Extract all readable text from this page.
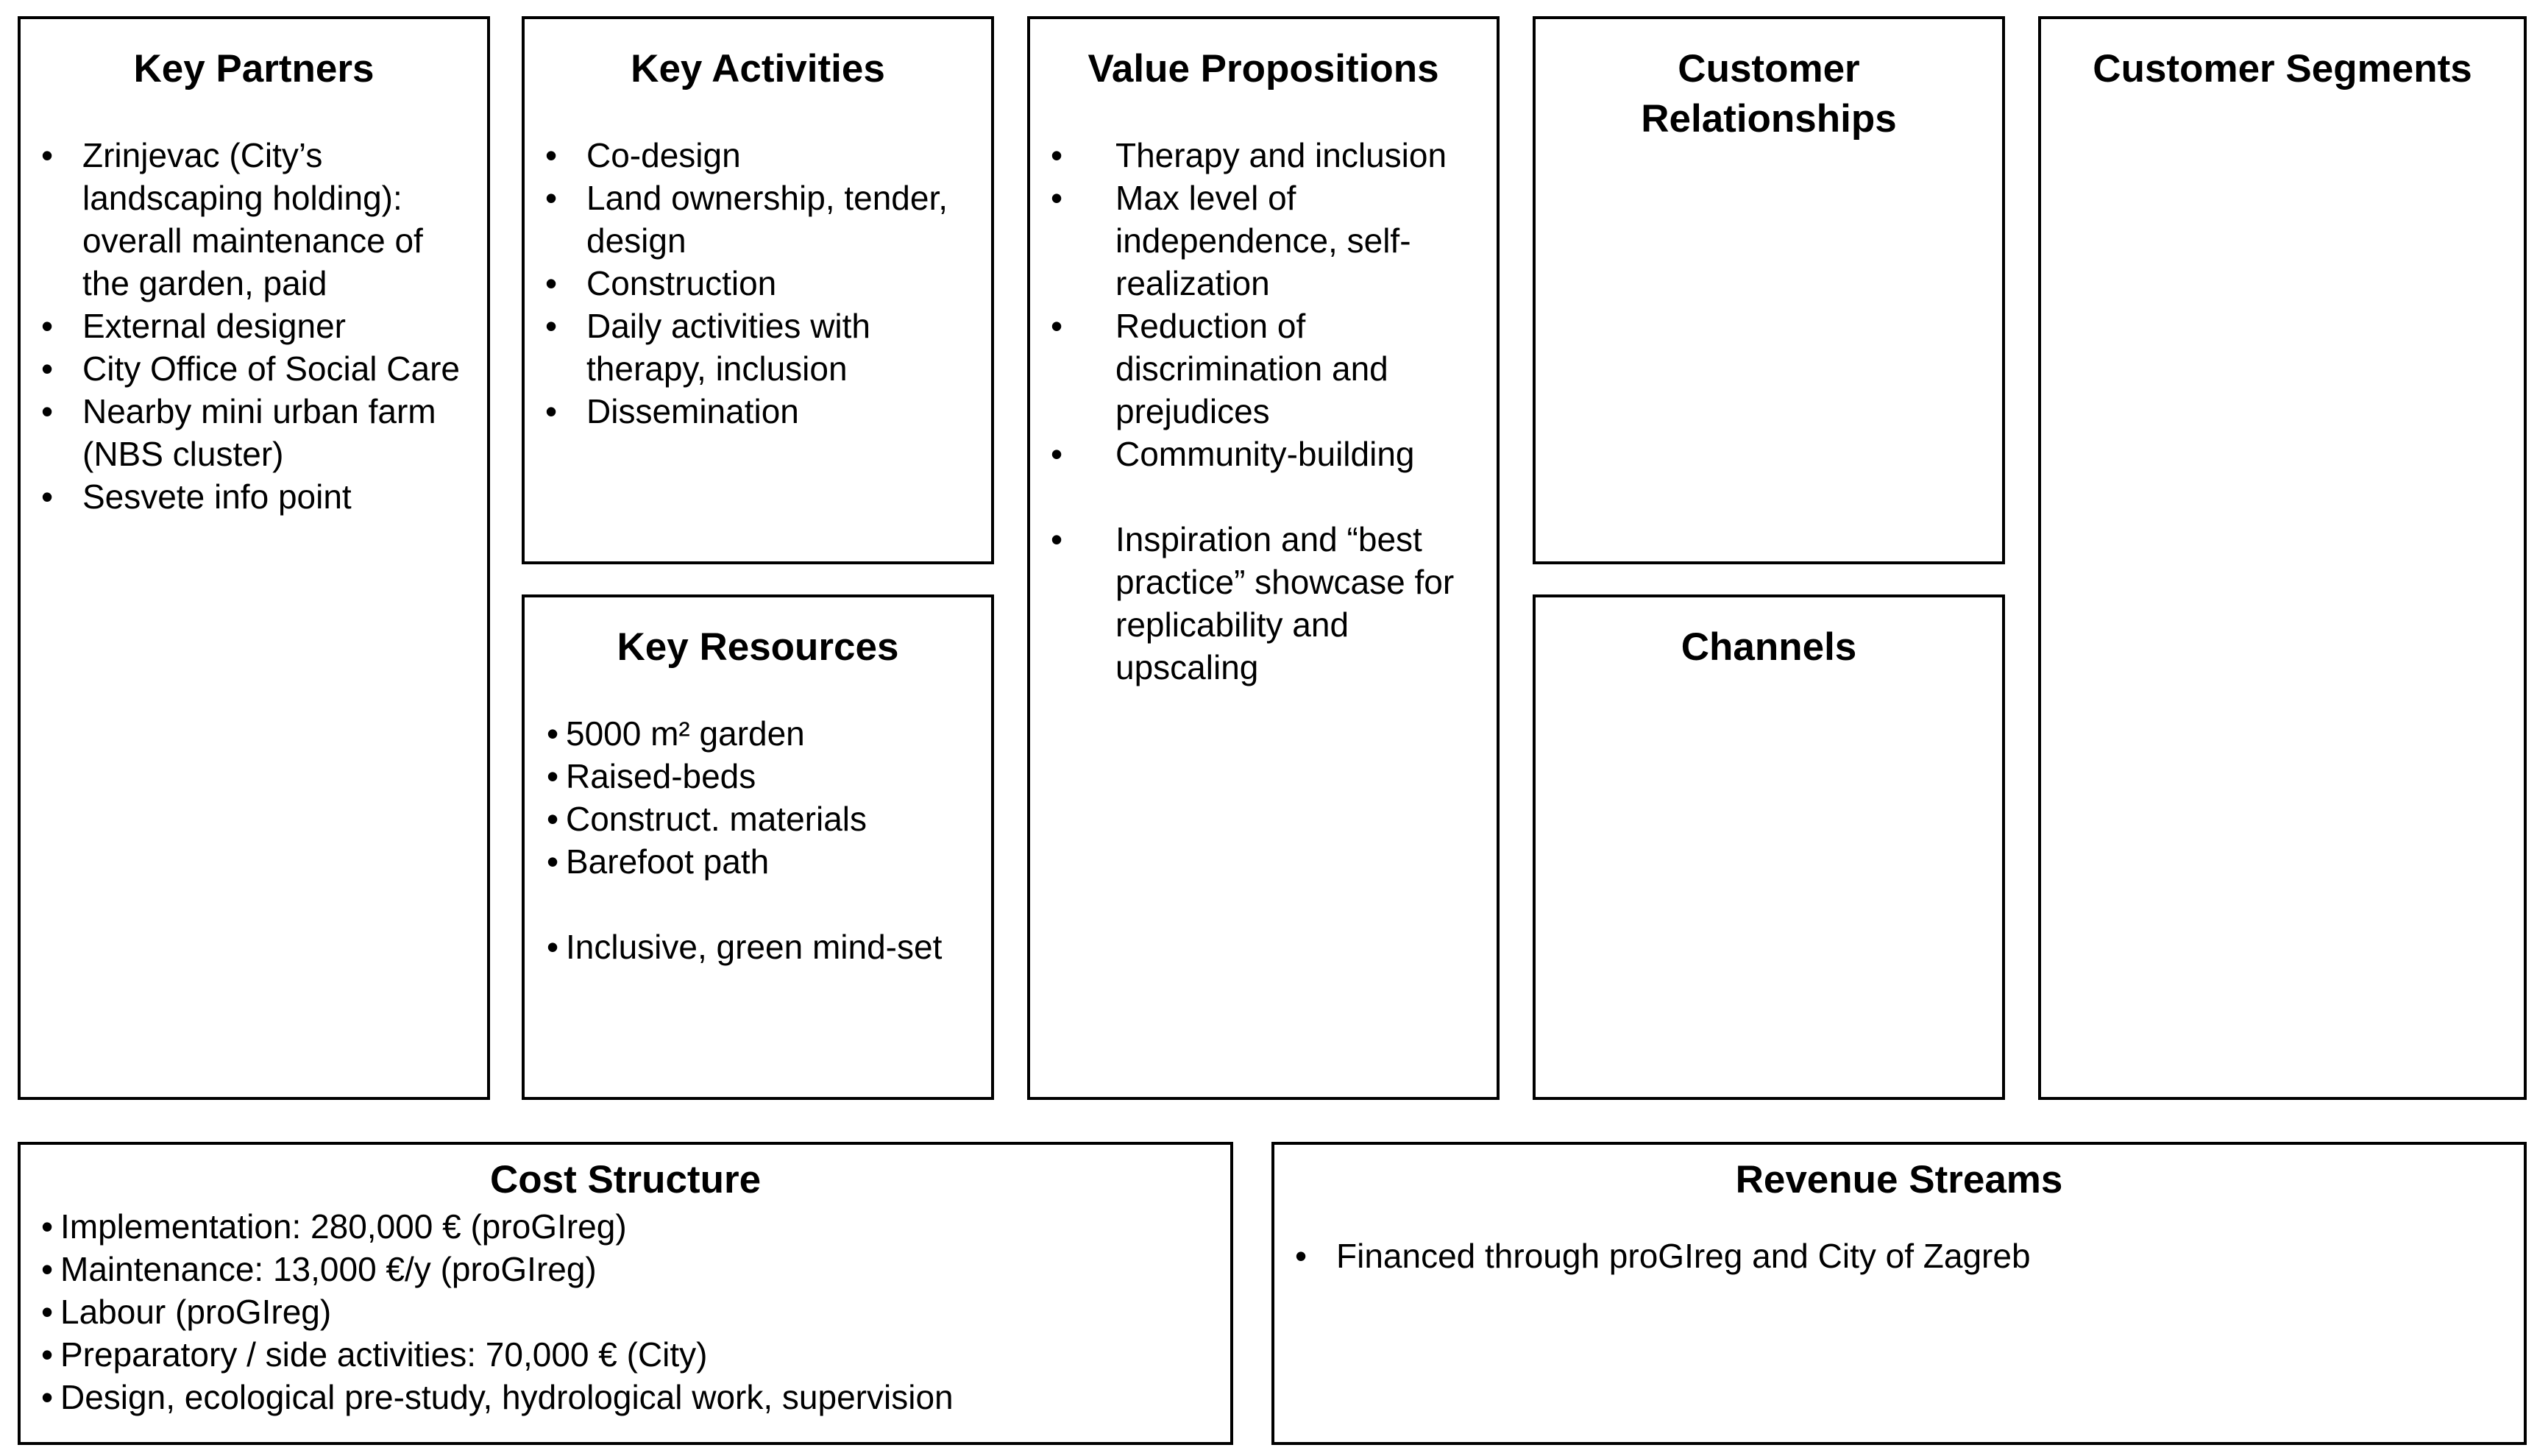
Key Partners
• Zrinjevac (City’s landscaping holding): overall maintenance of the garden, paid
• External designer
• City Office of Social Care
• Nearby mini urban farm (NBS cluster)
• Sesvete info point
Key Activities
• Co-design
• Land ownership, tender, design
• Construction
• Daily activities with therapy, inclusion
• Dissemination
Key Resources
• 5000 m² garden
• Raised-beds
• Construct. materials
• Barefoot path
• Inclusive, green mind-set
Value Propositions
• Therapy and inclusion
• Max level of independence, self-realization
• Reduction of discrimination and prejudices
• Community-building
• Inspiration and “best practice” showcase for replicability and upscaling
Customer
Relationships
Channels
Customer Segments
Cost Structure
• Implementation: 280,000 € (proGIreg)
• Maintenance: 13,000 €/y (proGIreg)
• Labour (proGIreg)
• Preparatory / side activities: 70,000 € (City)
• Design, ecological pre-study, hydrological work, supervision
Revenue Streams
• Financed through proGIreg and City of Zagreb
